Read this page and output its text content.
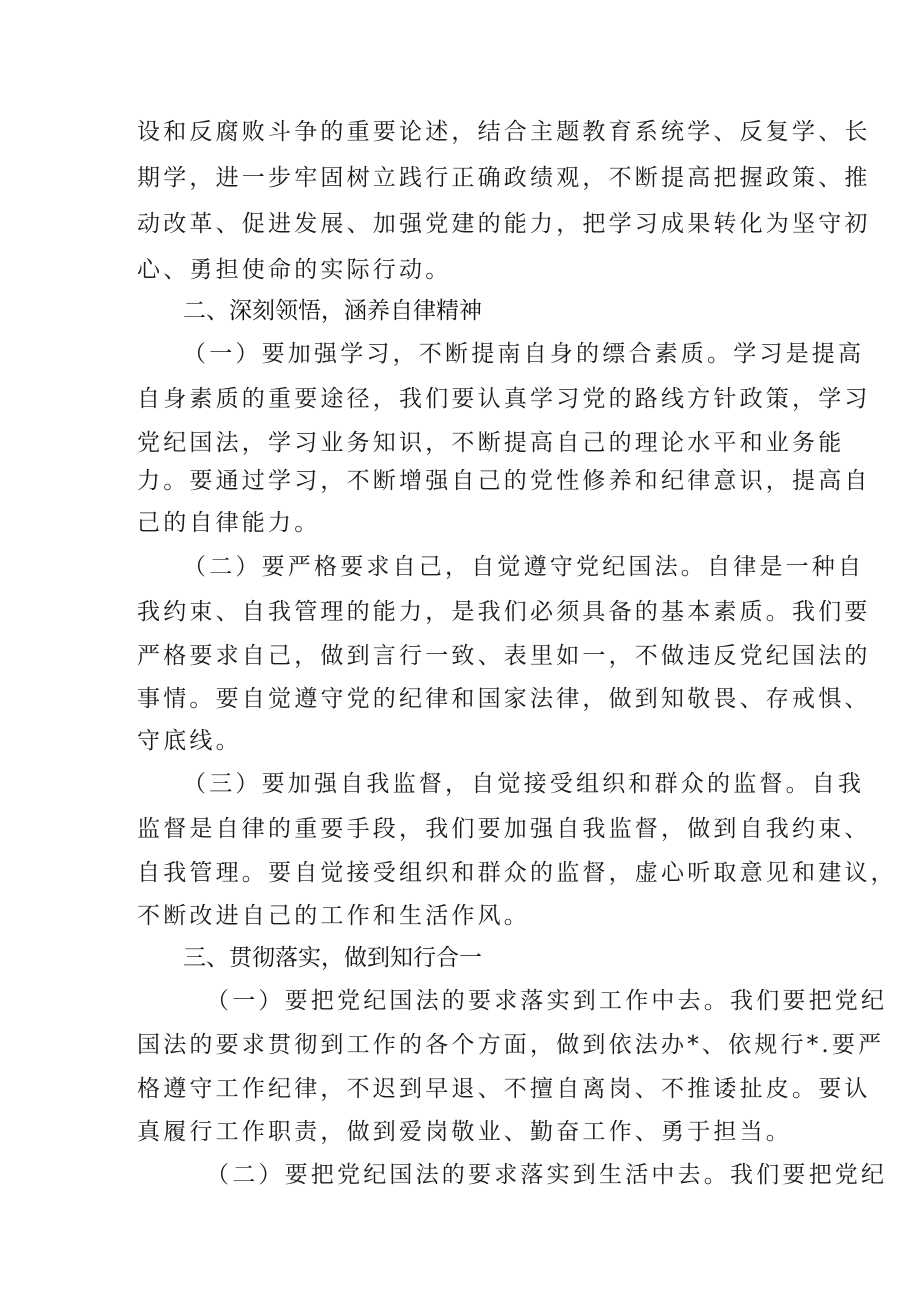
设和反腐败斗争的重要论述，结合主题教育系统学、反复学、长
期学，进一步牢固树立践行正确政绩观，不断提高把握政策、推
动改革、促进发展、加强党建的能力，把学习成果转化为坚守初
心、勇担使命的实际行动。
二、深刻领悟，涵养自律精神
（一）要加强学习，不断提南自身的缥合素质。学习是提高
自身素质的重要途径，我们要认真学习党的路线方针政策，学习
党纪国法，学习业务知识，不断提高自己的理论水平和业务能
力。要通过学习，不断增强自己的党性修养和纪律意识，提高自
己的自律能力。
（二）要严格要求自己，自觉遵守党纪国法。自律是一种自
我约束、自我管理的能力，是我们必须具备的基本素质。我们要
严格要求自己，做到言行一致、表里如一，不做违反党纪国法的
事情。要自觉遵守党的纪律和国家法律，做到知敬畏、存戒惧、
守底线。
（三）要加强自我监督，自觉接受组织和群众的监督。自我
监督是自律的重要手段，我们要加强自我监督，做到自我约束、
自我管理。要自觉接受组织和群众的监督，虚心听取意见和建议，
不断改进自己的工作和生活作风。
三、贯彻落实，做到知行合一
（一）要把党纪国法的要求落实到工作中去。我们要把党纪
国法的要求贯彻到工作的各个方面，做到依法办*、依规行*.要严
格遵守工作纪律，不迟到早退、不擅自离岗、不推诿扯皮。要认
真履行工作职责，做到爱岗敬业、勤奋工作、勇于担当。
（二）要把党纪国法的要求落实到生活中去。我们要把党纪
